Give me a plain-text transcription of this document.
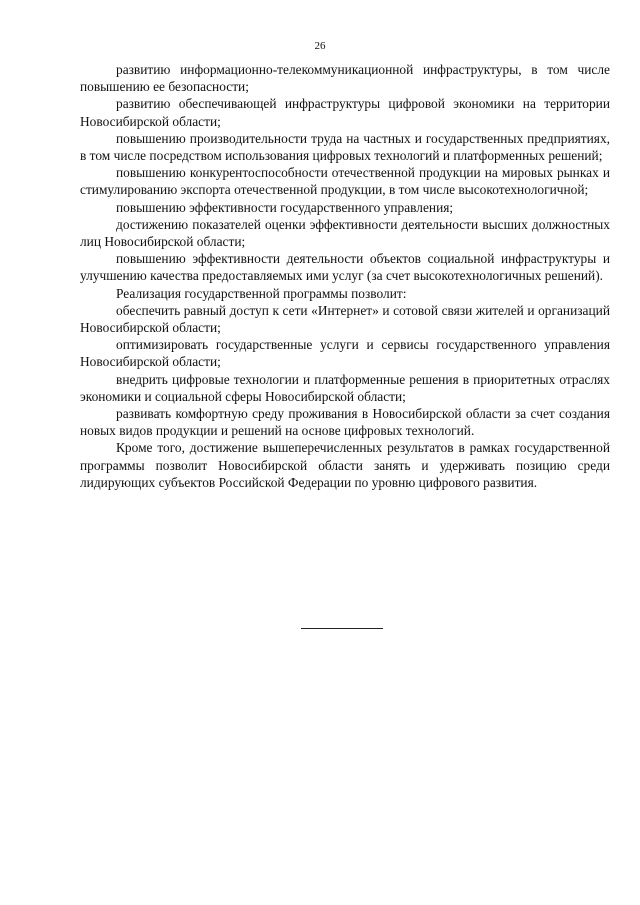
26

развитию информационно-телекоммуникационной инфраструктуры, в том числе повышению ее безопасности;

развитию обеспечивающей инфраструктуры цифровой экономики на территории Новосибирской области;

повышению производительности труда на частных и государственных предприятиях, в том числе посредством использования цифровых технологий и платформенных решений;

повышению конкурентоспособности отечественной продукции на мировых рынках и стимулированию экспорта отечественной продукции, в том числе высокотехнологичной;

повышению эффективности государственного управления;

достижению показателей оценки эффективности деятельности высших должностных лиц Новосибирской области;

повышению эффективности деятельности объектов социальной инфраструктуры и улучшению качества предоставляемых ими услуг (за счет высокотехнологичных решений).

Реализация государственной программы позволит:

обеспечить равный доступ к сети «Интернет» и сотовой связи жителей и организаций Новосибирской области;

оптимизировать государственные услуги и сервисы государственного управления Новосибирской области;

внедрить цифровые технологии и платформенные решения в приоритетных отраслях экономики и социальной сферы Новосибирской области;

развивать комфортную среду проживания в Новосибирской области за счет создания новых видов продукции и решений на основе цифровых технологий.

Кроме того, достижение вышеперечисленных результатов в рамках государственной программы позволит Новосибирской области занять и удерживать позицию среди лидирующих субъектов Российской Федерации по уровню цифрового развития.
